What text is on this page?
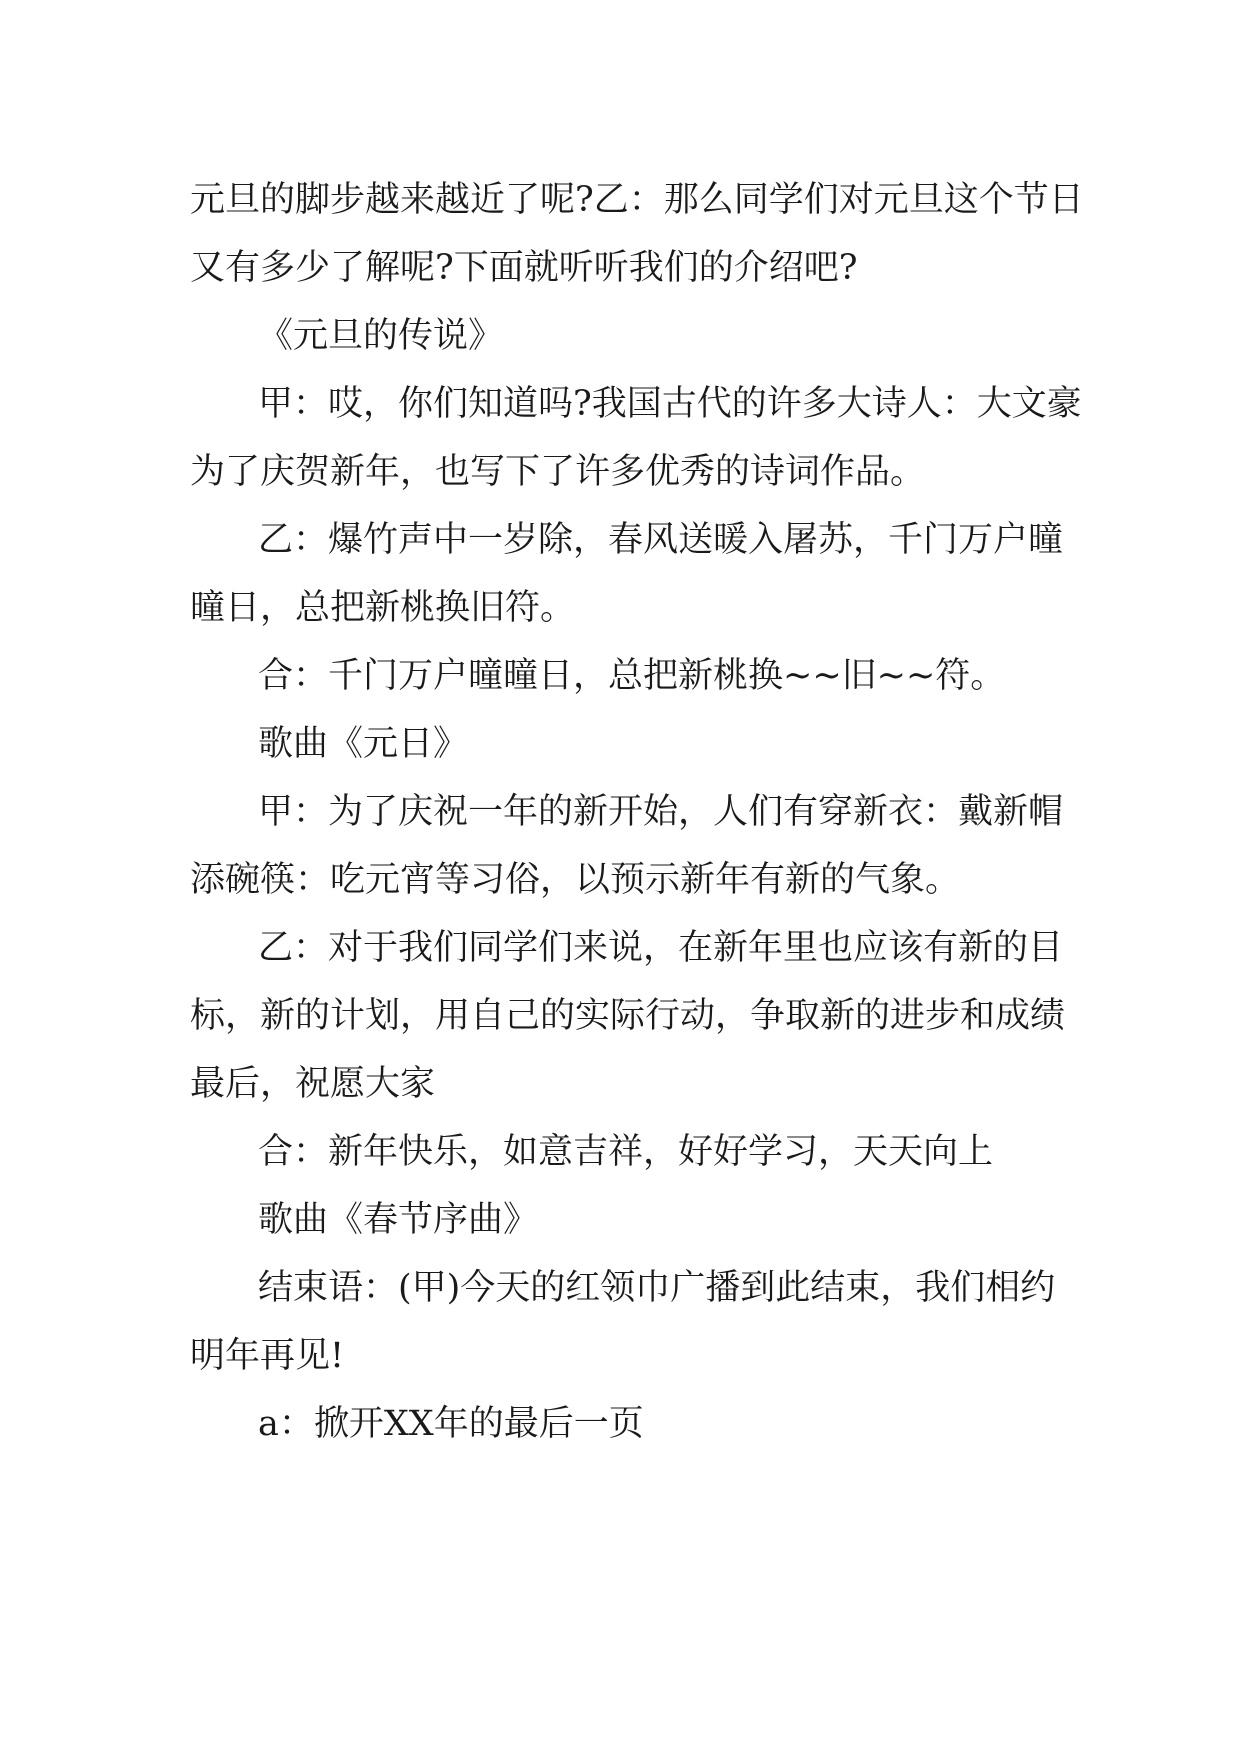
元旦的脚步越来越近了呢?乙：那么同学们对元旦这个节日
又有多少了解呢?下面就听听我们的介绍吧?
《元旦的传说》
甲：哎，你们知道吗?我国古代的许多大诗人：大文豪
为了庆贺新年，也写下了许多优秀的诗词作品。
乙：爆竹声中一岁除，春风送暖入屠苏，千门万户曈
曈日，总把新桃换旧符。
合：千门万户曈曈日，总把新桃换~~旧~~符。
歌曲《元日》
甲：为了庆祝一年的新开始，人们有穿新衣：戴新帽
添碗筷：吃元宵等习俗，以预示新年有新的气象。
乙：对于我们同学们来说，在新年里也应该有新的目
标，新的计划，用自己的实际行动，争取新的进步和成绩
最后，祝愿大家
合：新年快乐，如意吉祥，好好学习，天天向上
歌曲《春节序曲》
结束语：(甲)今天的红领巾广播到此结束，我们相约
明年再见!
a：掀开XX年的最后一页
